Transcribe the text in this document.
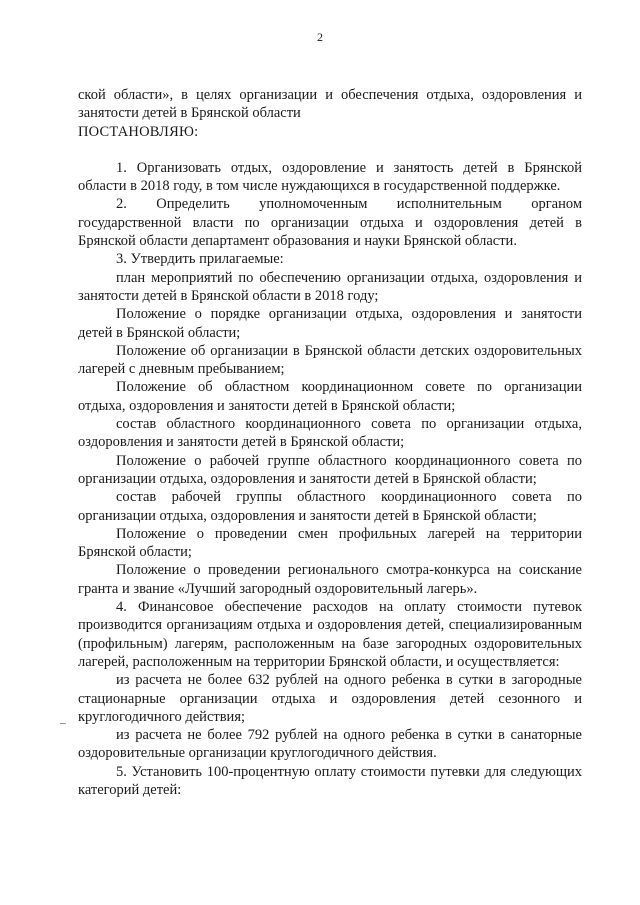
2

ской области», в целях организации и обеспечения отдыха, оздоровления и занятости детей в Брянской области

ПОСТАНОВЛЯЮ:

1. Организовать отдых, оздоровление и занятость детей в Брянской области в 2018 году, в том числе нуждающихся в государственной поддержке.

2. Определить уполномоченным исполнительным органом государственной власти по организации отдыха и оздоровления детей в Брянской области департамент образования и науки Брянской области.

3. Утвердить прилагаемые:

план мероприятий по обеспечению организации отдыха, оздоровления и занятости детей в Брянской области в 2018 году;

Положение о порядке организации отдыха, оздоровления и занятости детей в Брянской области;

Положение об организации в Брянской области детских оздоровительных лагерей с дневным пребыванием;

Положение об областном координационном совете по организации отдыха, оздоровления и занятости детей в Брянской области;

состав областного координационного совета по организации отдыха, оздоровления и занятости детей в Брянской области;

Положение о рабочей группе областного координационного совета по организации отдыха, оздоровления и занятости детей в Брянской области;

состав рабочей группы областного координационного совета по организации отдыха, оздоровления и занятости детей в Брянской области;

Положение о проведении смен профильных лагерей на территории Брянской области;

Положение о проведении регионального смотра-конкурса на соискание гранта и звание «Лучший загородный оздоровительный лагерь».

4. Финансовое обеспечение расходов на оплату стоимости путевок производится организациям отдыха и оздоровления детей, специализированным (профильным) лагерям, расположенным на базе загородных оздоровительных лагерей, расположенным на территории Брянской области, и осуществляется:

из расчета не более 632 рублей на одного ребенка в сутки в загородные стационарные организации отдыха и оздоровления детей сезонного и круглогодичного действия;

из расчета не более 792 рублей на одного ребенка в сутки в санаторные оздоровительные организации круглогодичного действия.

5. Установить 100-процентную оплату стоимости путевки для следующих категорий детей:
